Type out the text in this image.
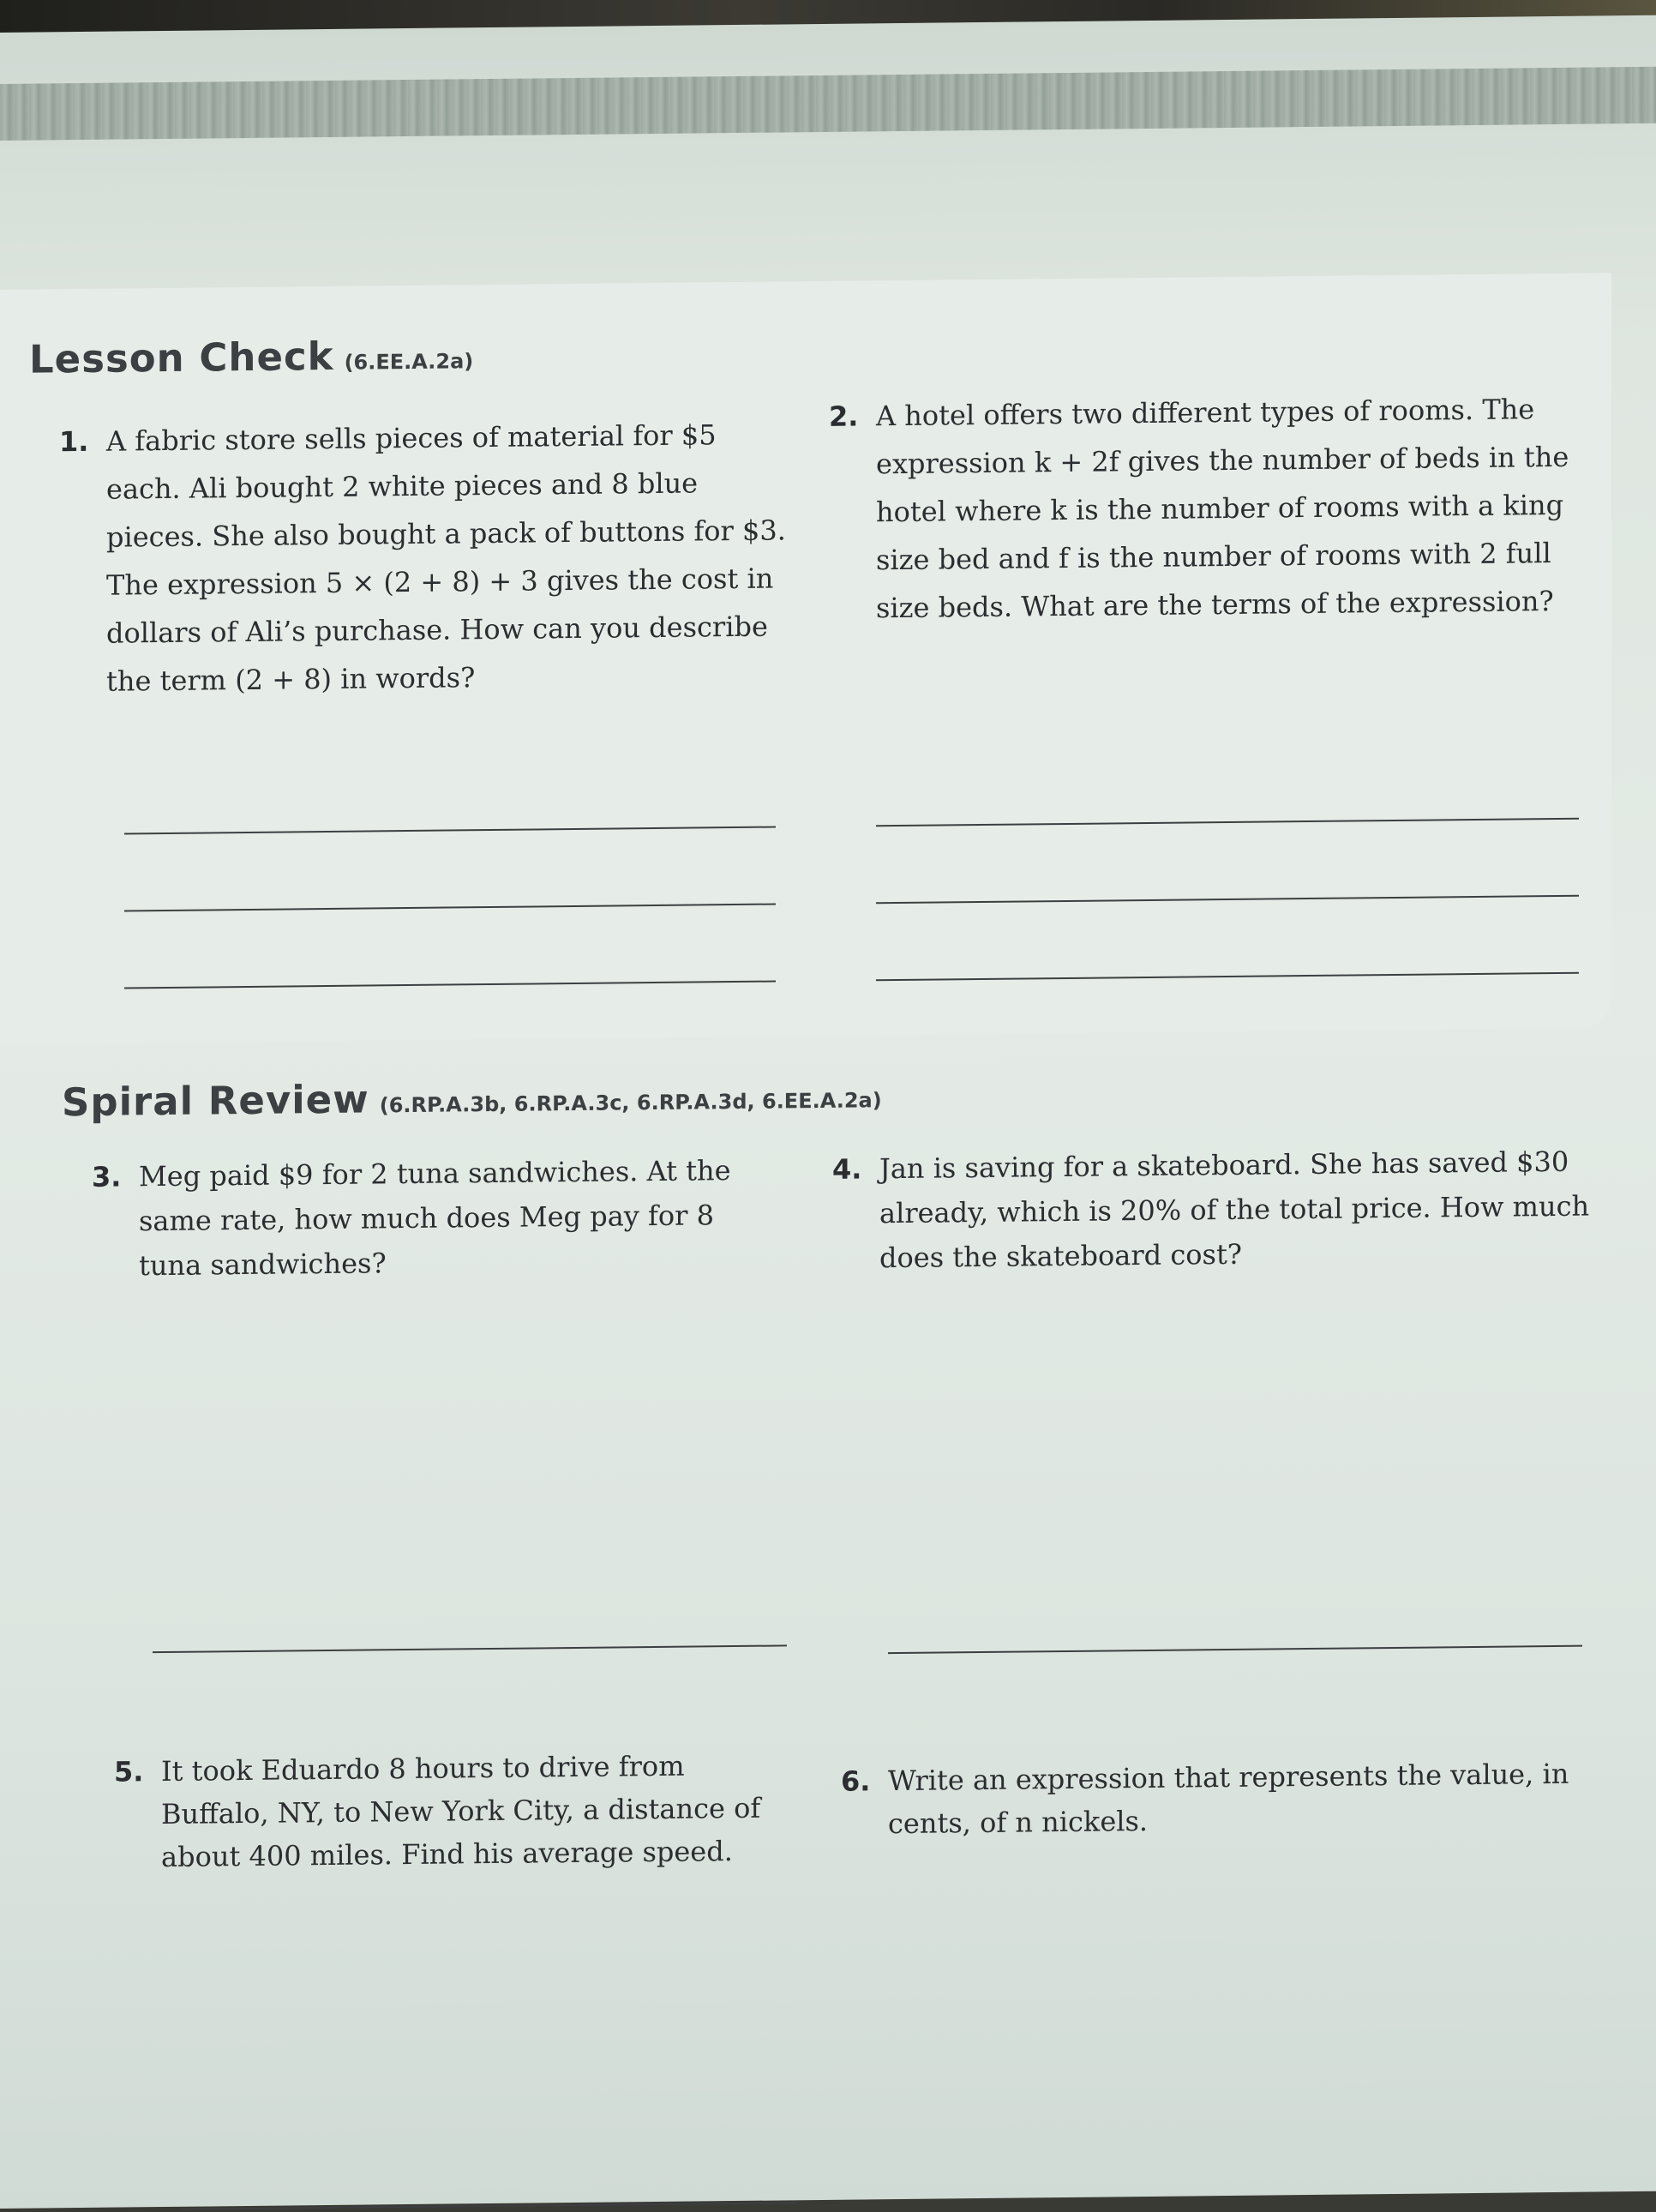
Lesson Check (6.EE.A.2a)
1. A fabric store sells pieces of material for $5 each. Ali bought 2 white pieces and 8 blue pieces. She also bought a pack of buttons for $3. The expression 5 × (2 + 8) + 3 gives the cost in dollars of Ali’s purchase. How can you describe the term (2 + 8) in words?
2. A hotel offers two different types of rooms. The expression k + 2f gives the number of beds in the hotel where k is the number of rooms with a king size bed and f is the number of rooms with 2 full size beds. What are the terms of the expression?
Spiral Review (6.RP.A.3b, 6.RP.A.3c, 6.RP.A.3d, 6.EE.A.2a)
3. Meg paid $9 for 2 tuna sandwiches. At the same rate, how much does Meg pay for 8 tuna sandwiches?
4. Jan is saving for a skateboard. She has saved $30 already, which is 20% of the total price. How much does the skateboard cost?
5. It took Eduardo 8 hours to drive from Buffalo, NY, to New York City, a distance of about 400 miles. Find his average speed.
6. Write an expression that represents the value, in cents, of n nickels.
